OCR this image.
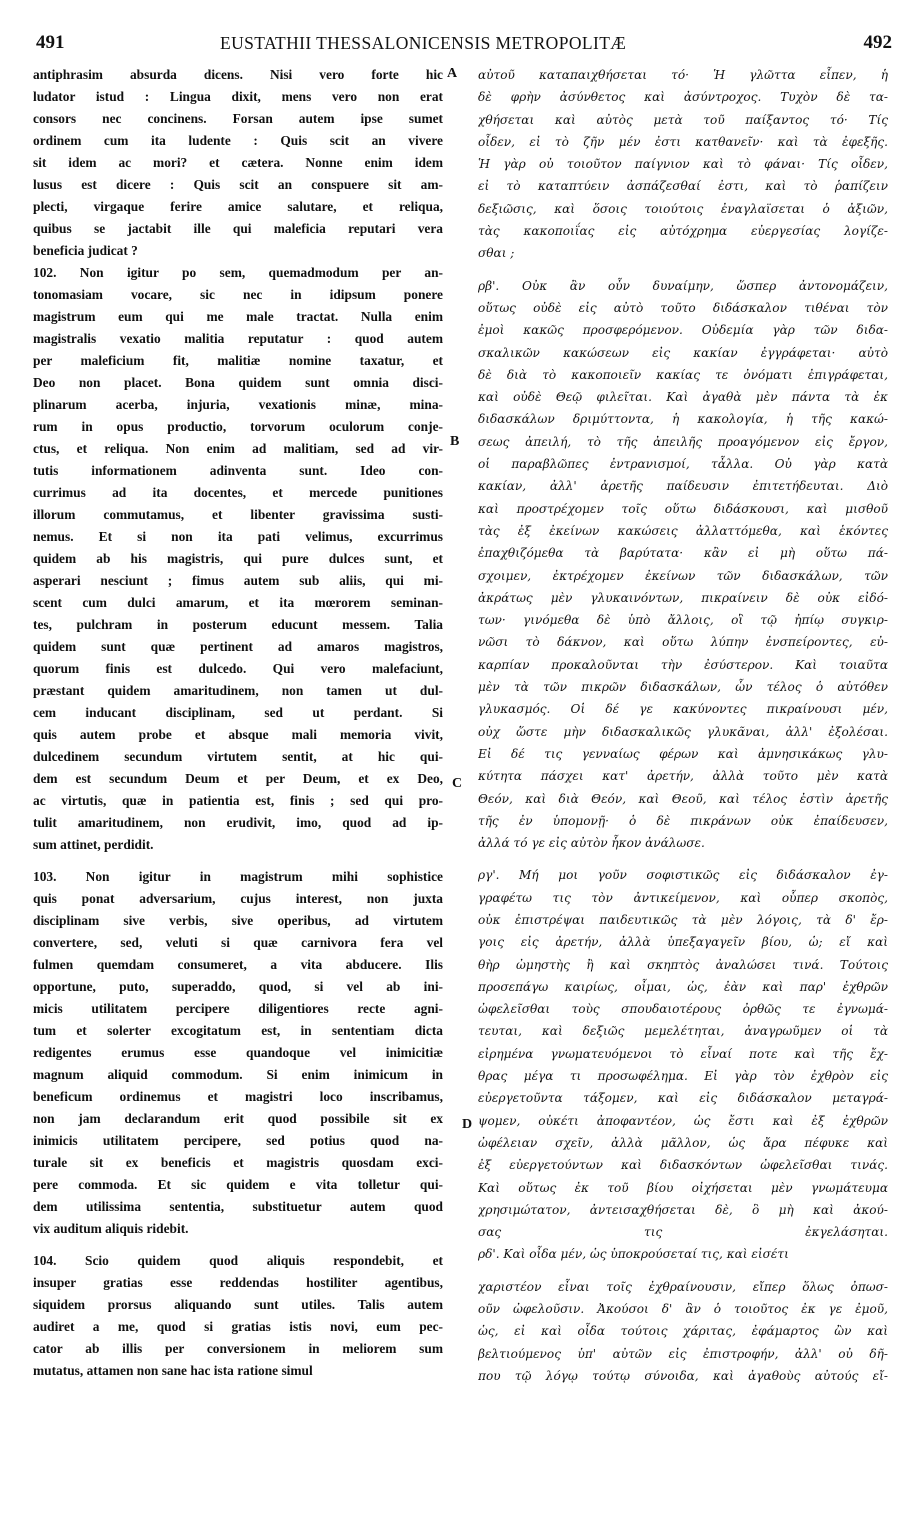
491	EUSTATHII THESSALONICENSIS METROPOLITÆ	492
antiphrasim absurda dicens. Nisi vero forte hic
ludator istud : Lingua dixit, mens vero non erat
consors nec concinens. Forsan autem ipse sumet
ordinem cum ita ludente : Quis scit an vivere
sit idem ac mori? et cætera. Nonne enim idem
lusus est dicere : Quis scit an conspuere sit am-
plecti, virgaque ferire amice salutare, et reliqua,
quibus se jactabit ille qui maleficia reputari vera
beneficia judicat ?
102. Non igitur po sem, quemadmodum per an-
tonomasiam vocare, sic nec in idipsum ponere
magistrum eum qui me male tractat. Nulla enim
magistralis vexatio malitia reputatur : quod autem
per maleficium fit, malitiæ nomine taxatur, et
Deo non placet. Bona quidem sunt omnia disci-
plinarum acerba, injuria, vexationis minæ, mina-
rum in opus productio, torvorum oculorum conje-
ctus, et reliqua. Non enim ad malitiam, sed ad vir-
tutis informationem adinventa sunt. Ideo con-
currimus ad ita docentes, et mercede punitiones
illorum commutamus, et libenter gravissima susti-
nemus. Et si non ita pati velimus, excurrimus
quidem ab his magistris, qui pure dulces sunt, et
asperari nesciunt ; fimus autem sub aliis, qui mi-
scent cum dulci amarum, et ita mœrorem seminan-
tes, pulchram in posterum educunt messem. Talia
quidem sunt quæ pertinent ad amaros magistros,
quorum finis est dulcedo. Qui vero malefaciunt,
præstant quidem amaritudinem, non tamen ut dul-
cem inducant disciplinam, sed ut perdant. Si
quis autem probe et absque mali memoria vivit,
dulcedinem secundum virtutem sentit, at hic qui-
dem est secundum Deum et per Deum, et ex Deo,
ac virtutis, quæ in patientia est, finis ; sed qui pro-
tulit amaritudinem, non erudivit, imo, quod ad ip-
sum attinet, perdidit.
103. Non igitur in magistrum mihi sophistice
quis ponat adversarium, cujus interest, non juxta
disciplinam sive verbis, sive operibus, ad virtutem
convertere, sed, veluti si quæ carnivora fera vel
fulmen quemdam consumeret, a vita abducere. Ilis
opportune, puto, superaddo, quod, si vel ab ini-
micis utilitatem percipere diligentiores recte agni-
tum et solerter excogitatum est, in sententiam dicta
redigentes erumus esse quandoque vel inimicitiæ
magnum aliquid commodum. Si enim inimicum in
beneficum ordinemus et magistri loco inscribamus,
non jam declarandum erit quod possibile sit ex
inimicis utilitatem percipere, sed potius quod na-
turale sit ex beneficis et magistris quosdam exci-
pere commoda. Et sic quidem e vita tolletur qui-
dem utilissima sententia, substituetur autem quod
vix auditum aliquis ridebit.
104. Scio quidem quod aliquis respondebit, et
insuper gratias esse reddendas hostiliter agentibus,
siquidem prorsus aliquando sunt utiles. Talis autem
audiret a me, quod si gratias istis novi, eum pec-
cator ab illis per conversionem in meliorem sum
mutatus, attamen non sane hac ista ratione simul
αὐτοῦ καταπαιχθήσεται τό· Ἡ γλῶττα εἶπεν, ἡ
δὲ φρὴν ἀσύνθετος καὶ ἀσύντροχος. Τυχὸν δὲ τα-
χθήσεται καὶ αὐτὸς μετὰ τοῦ παίξαντος τό· Τίς
οἶδεν, εἰ τὸ ζῆν μέν ἐστι κατθανεῖν· καὶ τὰ ἐφεξῆς.
Ἡ γὰρ οὐ τοιοῦτον παίγνιον καὶ τὸ φάναι· Τίς οἶδεν,
εἰ τὸ καταπτύειν ἀσπάζεσθαί ἐστι, καὶ τὸ ῥαπίζειν
δεξιῶσις, καὶ ὅσοις τοιούτοις ἐναγλαϊσεται ὁ ἀξιῶν,
τὰς κακοποιΐας εἰς αὐτόχρημα εὐεργεσίας λογίζε-
σθαι ;
ρβ'. Οὐκ ἂν οὖν δυναίμην, ὥσπερ ἀντονομάζειν,
οὕτως οὐδὲ εἰς αὐτὸ τοῦτο διδάσκαλον τιθέναι τὸν
ἐμοὶ κακῶς προσφερόμενον. Οὐδεμία γὰρ τῶν διδα-
σκαλικῶν κακώσεων εἰς κακίαν ἐγγράφεται· αὐτὸ
δὲ διὰ τὸ κακοποιεῖν κακίας τε ὀνόματι ἐπιγράφεται,
καὶ οὐδὲ Θεῷ φιλεῖται. Καὶ ἀγαθὰ μὲν πάντα τὰ ἐκ
διδασκάλων δριμύττοντα, ἡ κακολογία, ἡ τῆς κακώ-
σεως ἀπειλή, τὸ τῆς ἀπειλῆς προαγόμενον εἰς ἔργον,
οἱ παραβλῶπες ἐντρανισμοί, τἆλλα. Οὐ γὰρ κατὰ
κακίαν, ἀλλ' ἀρετῆς παίδευσιν ἐπιτετήδευται. Διὸ
καὶ προστρέχομεν τοῖς οὕτω διδάσκουσι, καὶ μισθοῦ
τὰς ἐξ ἐκείνων κακώσεις ἀλλαττόμεθα, καὶ ἑκόντες
ἐπαχθιζόμεθα τὰ βαρύτατα· κἂν εἰ μὴ οὕτω πά-
σχοιμεν, ἐκτρέχομεν ἐκείνων τῶν διδασκάλων, τῶν
ἀκράτως μὲν γλυκαινόντων, πικραίνειν δὲ οὐκ εἰδό-
των· γινόμεθα δὲ ὑπὸ ἄλλοις, οἳ τῷ ἠπίῳ συγκιρ-
νῶσι τὸ δάκνον, καὶ οὕτω λύπην ἐνσπείροντες, εὐ-
καρπίαν προκαλοῦνται τὴν ἐσύστερον. Καὶ τοιαῦτα
μὲν τὰ τῶν πικρῶν διδασκάλων, ὧν τέλος ὁ αὐτόθεν
γλυκασμός. Οἱ δέ γε κακύνοντες πικραίνουσι μέν,
οὐχ ὥστε μὴν διδασκαλικῶς γλυκᾶναι, ἀλλ' ἐξολέσαι.
Εἰ δέ τις γενναίως φέρων καὶ ἀμνησικάκως γλυ-
κύτητα πάσχει κατ' ἀρετήν, ἀλλὰ τοῦτο μὲν κατὰ
Θεόν, καὶ διὰ Θεόν, καὶ Θεοῦ, καὶ τέλος ἐστὶν ἀρετῆς
τῆς ἐν ὑπομονῇ· ὁ δὲ πικράνων οὐκ ἐπαίδευσεν,
ἀλλά τό γε εἰς αὐτὸν ἧκον ἀνάλωσε.
ργ'. Μή μοι γοῦν σοφιστικῶς εἰς διδάσκαλον ἐγ-
γραφέτω τις τὸν ἀντικείμενον, καὶ οὗπερ σκοπὸς,
οὐκ ἐπιστρέψαι παιδευτικῶς τὰ μὲν λόγοις, τὰ δ' ἔρ-
γοις εἰς ἀρετήν, ἀλλὰ ὑπεξαγαγεῖν βίου, ὡ; εἴ καὶ
θὴρ ὠμηστὴς ἢ καὶ σκηπτὸς ἀναλώσει τινά. Τούτοις
προσεπάγω καιρίως, οἶμαι, ὡς, ἐὰν καὶ παρ' ἐχθρῶν
ὠφελεῖσθαι τοὺς σπουδαιοτέρους ὀρθῶς τε ἐγνωμά-
τευται, καὶ δεξιῶς μεμελέτηται, ἀναγρωῦμεν οἱ τὰ
εἰρημένα γνωματευόμενοι τὸ εἶναί ποτε καὶ τῆς ἔχ-
θρας μέγα τι προσωφέλημα. Εἰ γὰρ τὸν ἐχθρὸν εἰς
εὐεργετοῦντα τάξομεν, καὶ εἰς διδάσκαλον μεταγρά-
ψομεν, οὐκέτι ἀποφαντέον, ὡς ἔστι καὶ ἐξ ἐχθρῶν
ὠφέλειαν σχεῖν, ἀλλὰ μᾶλλον, ὡς ἄρα πέφυκε καὶ
ἐξ εὐεργετούντων καὶ διδασκόντων ὠφελεῖσθαι τινάς.
Καὶ οὕτως ἐκ τοῦ βίου οἰχήσεται μὲν γνωμάτευμα
χρησιμώτατον, ἀντεισαχθήσεται δὲ, ὃ μὴ καὶ ἀκού-
σας τις ἐκγελάσηται.
ρδ'. Καὶ οἶδα μέν, ὡς ὑποκρούσεταί τις, καὶ εἰσέτι
χαριστέον εἶναι τοῖς ἐχθραίνουσιν, εἴπερ ὅλως ὀπωσ-
οῦν ὠφελοῦσιν. Ἀκούσοι δ' ἂν ὁ τοιοῦτος ἐκ γε ἐμοῦ,
ὡς, εἰ καὶ οἶδα τούτοις χάριτας, ἐφάμαρτος ὢν καὶ
βελτιούμενος ὑπ' αὐτῶν εἰς ἐπιστροφήν, ἀλλ' οὐ δῆ-
που τῷ λόγῳ τούτῳ σύνοιδα, καὶ ἀγαθοὺς αὐτούς εἴ-
A
B
C
D
